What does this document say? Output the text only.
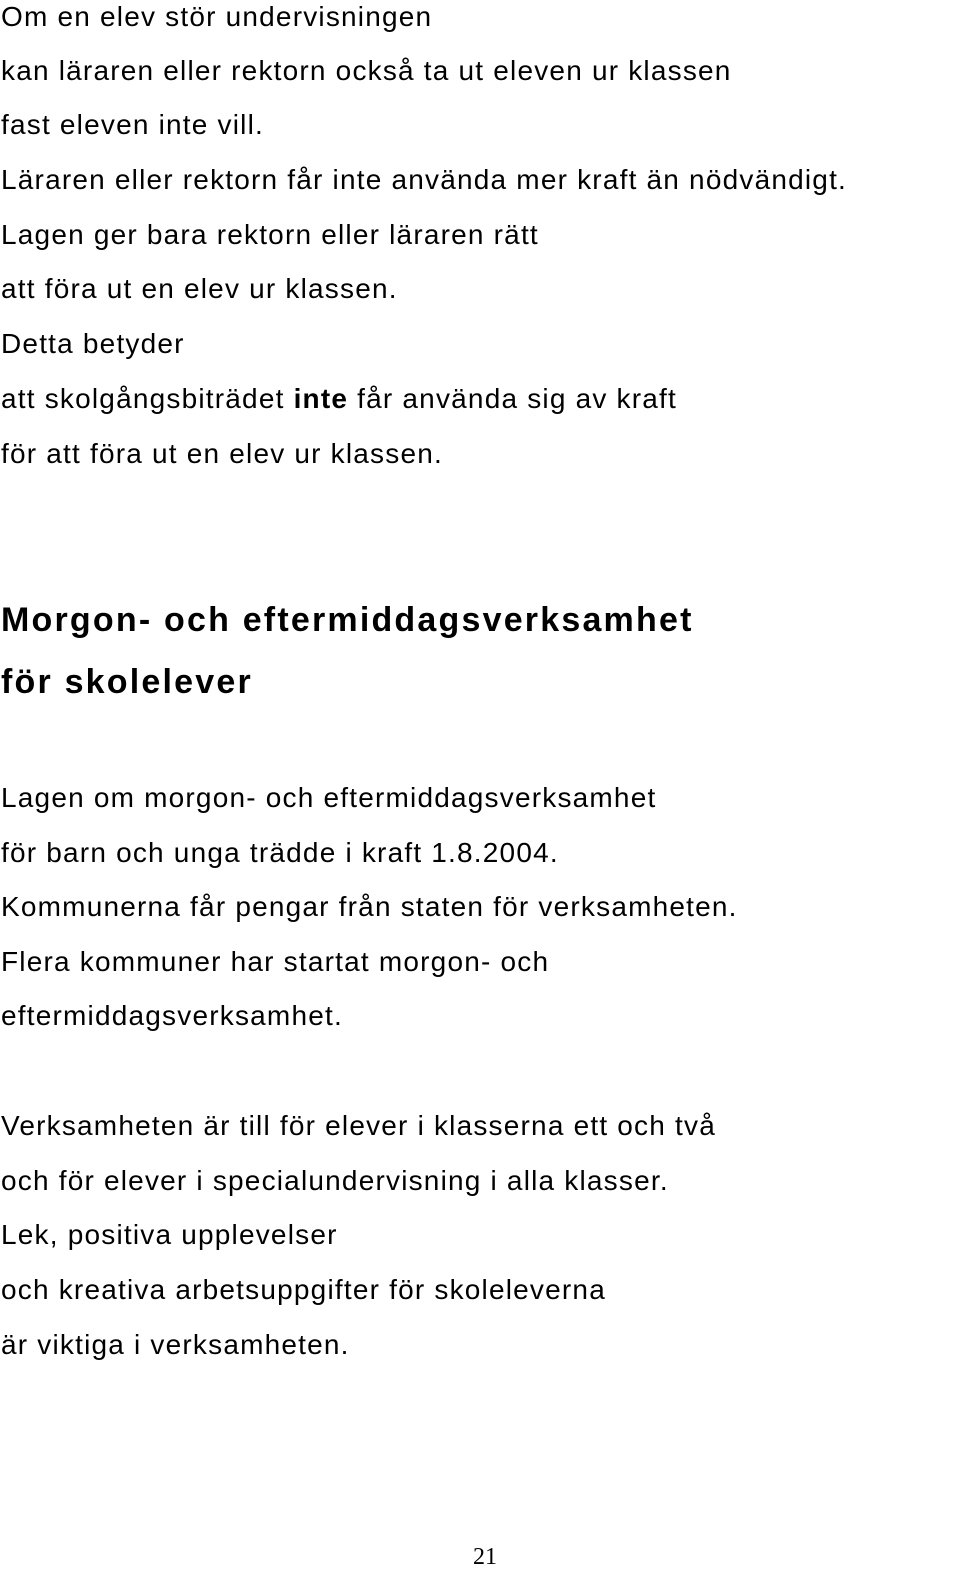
Om en elev stör undervisningen

kan läraren eller rektorn också ta ut eleven ur klassen

fast eleven inte vill.

Läraren eller rektorn får inte använda mer kraft än nödvändigt.

Lagen ger bara rektorn eller läraren rätt

att föra ut en elev ur klassen.

Detta betyder

att skolgångsbiträdet inte får använda sig av kraft

för att föra ut en elev ur klassen.

Morgon- och eftermiddagsverksamhet
för skolelever

Lagen om morgon- och eftermiddagsverksamhet

för barn och unga trädde i kraft 1.8.2004.

Kommunerna får pengar från staten för verksamheten.

Flera kommuner har startat morgon- och

eftermiddagsverksamhet.

Verksamheten är till för elever i klasserna ett och två

och för elever i specialundervisning i alla klasser.

Lek, positiva upplevelser

och kreativa arbetsuppgifter för skoleleverna

är viktiga i verksamheten.

21
